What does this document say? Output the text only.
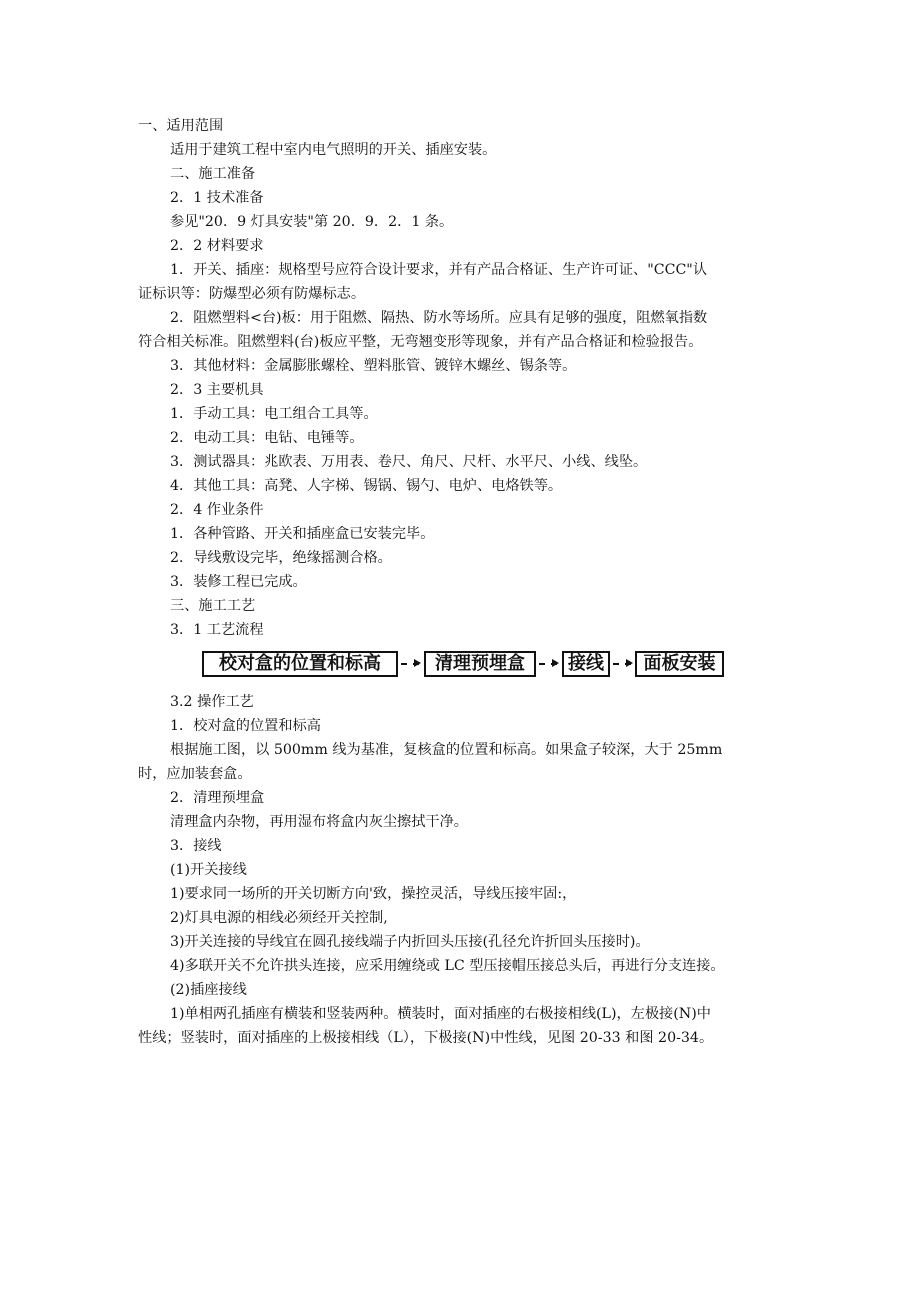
一、适用范围
适用于建筑工程中室内电气照明的开关、插座安装。
二、施工准备
2．1 技术准备
参见"20．9 灯具安装"第 20．9．2．1 条。
2．2 材料要求
1．开关、插座：规格型号应符合设计要求，并有产品合格证、生产许可证、"CCC"认
证标识等：防爆型必须有防爆标志。
2．阻燃塑料<台)板：用于阻燃、隔热、防水等场所。应具有足够的强度，阻燃氧指数
符合相关标准。阻燃塑料(台)板应平整，无弯翘变形等现象，并有产品合格证和检验报告。
3．其他材料：金属膨胀螺栓、塑料胀管、镀锌木螺丝、锡条等。
2．3 主要机具
1．手动工具：电工组合工具等。
2．电动工具：电钻、电锤等。
3．测试器具：兆欧表、万用表、卷尺、角尺、尺杆、水平尺、小线、线坠。
4．其他工具：高凳、人字梯、锡锅、锡勺、电炉、电烙铁等。
2．4 作业条件
1．各种管路、开关和插座盒已安装完毕。
2．导线敷设完毕，绝缘摇测合格。
3．装修工程已完成。
三、施工工艺
3．1 工艺流程
校对盒的位置和标高	清理预埋盒	接线	面板安装
3.2 操作工艺
1．校对盒的位置和标高
根据施工图，以 500mm 线为基准，复核盒的位置和标高。如果盒子较深，大于 25mm
时，应加装套盒。
2．清理预埋盒
清理盒内杂物，再用湿布将盒内灰尘擦拭干净。
3．接线
(1)开关接线
1)要求同一场所的开关切断方向'致，操控灵活，导线压接牢固:，
2)灯具电源的相线必须经开关控制,
3)开关连接的导线宜在圆孔接线端子内折回头压接(孔径允许折回头压接时)。
4)多联开关不允许拱头连接，应采用缠绕或 LC 型压接帽压接总头后，再进行分支连接。
(2)插座接线
1)单相两孔插座有横装和竖装两种。横装时，面对插座的右极接相线(L)，左极接(N)中
性线；竖装时，面对插座的上极接相线（L），下极接(N)中性线，见图 20-33 和图 20-34。
